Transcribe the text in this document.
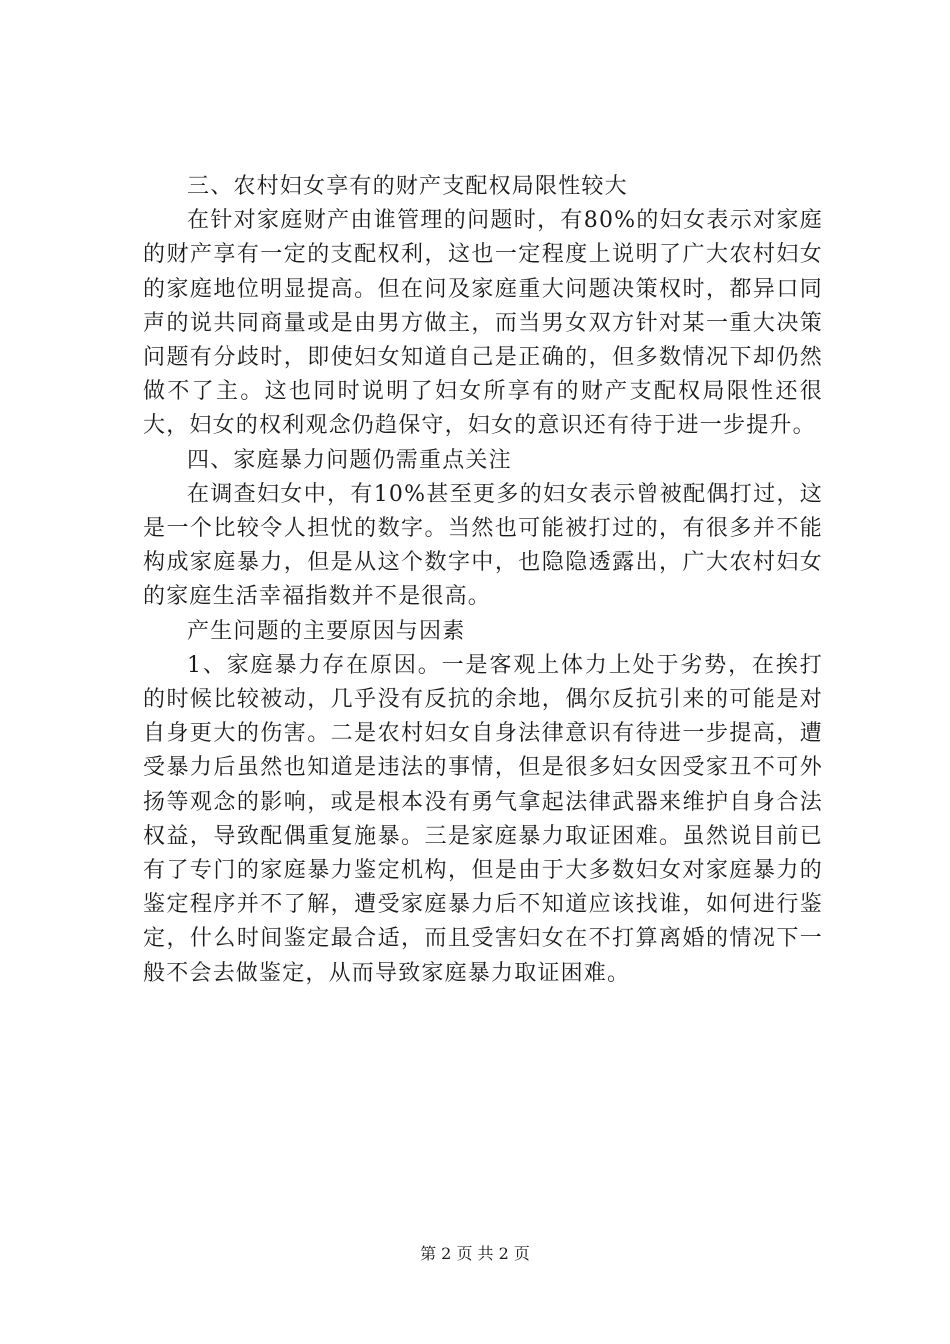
三、农村妇女享有的财产支配权局限性较大

在针对家庭财产由谁管理的问题时，有80%的妇女表示对家庭的财产享有一定的支配权利，这也一定程度上说明了广大农村妇女的家庭地位明显提高。但在问及家庭重大问题决策权时，都异口同声的说共同商量或是由男方做主，而当男女双方针对某一重大决策问题有分歧时，即使妇女知道自己是正确的，但多数情况下却仍然做不了主。这也同时说明了妇女所享有的财产支配权局限性还很大，妇女的权利观念仍趋保守，妇女的意识还有待于进一步提升。

四、家庭暴力问题仍需重点关注

在调查妇女中，有10%甚至更多的妇女表示曾被配偶打过，这是一个比较令人担忧的数字。当然也可能被打过的，有很多并不能构成家庭暴力，但是从这个数字中，也隐隐透露出，广大农村妇女的家庭生活幸福指数并不是很高。

产生问题的主要原因与因素

1、家庭暴力存在原因。一是客观上体力上处于劣势，在挨打的时候比较被动，几乎没有反抗的余地，偶尔反抗引来的可能是对自身更大的伤害。二是农村妇女自身法律意识有待进一步提高，遭受暴力后虽然也知道是违法的事情，但是很多妇女因受家丑不可外扬等观念的影响，或是根本没有勇气拿起法律武器来维护自身合法权益，导致配偶重复施暴。三是家庭暴力取证困难。虽然说目前已有了专门的家庭暴力鉴定机构，但是由于大多数妇女对家庭暴力的鉴定程序并不了解，遭受家庭暴力后不知道应该找谁，如何进行鉴定，什么时间鉴定最合适，而且受害妇女在不打算离婚的情况下一般不会去做鉴定，从而导致家庭暴力取证困难。

第 2 页 共 2 页
